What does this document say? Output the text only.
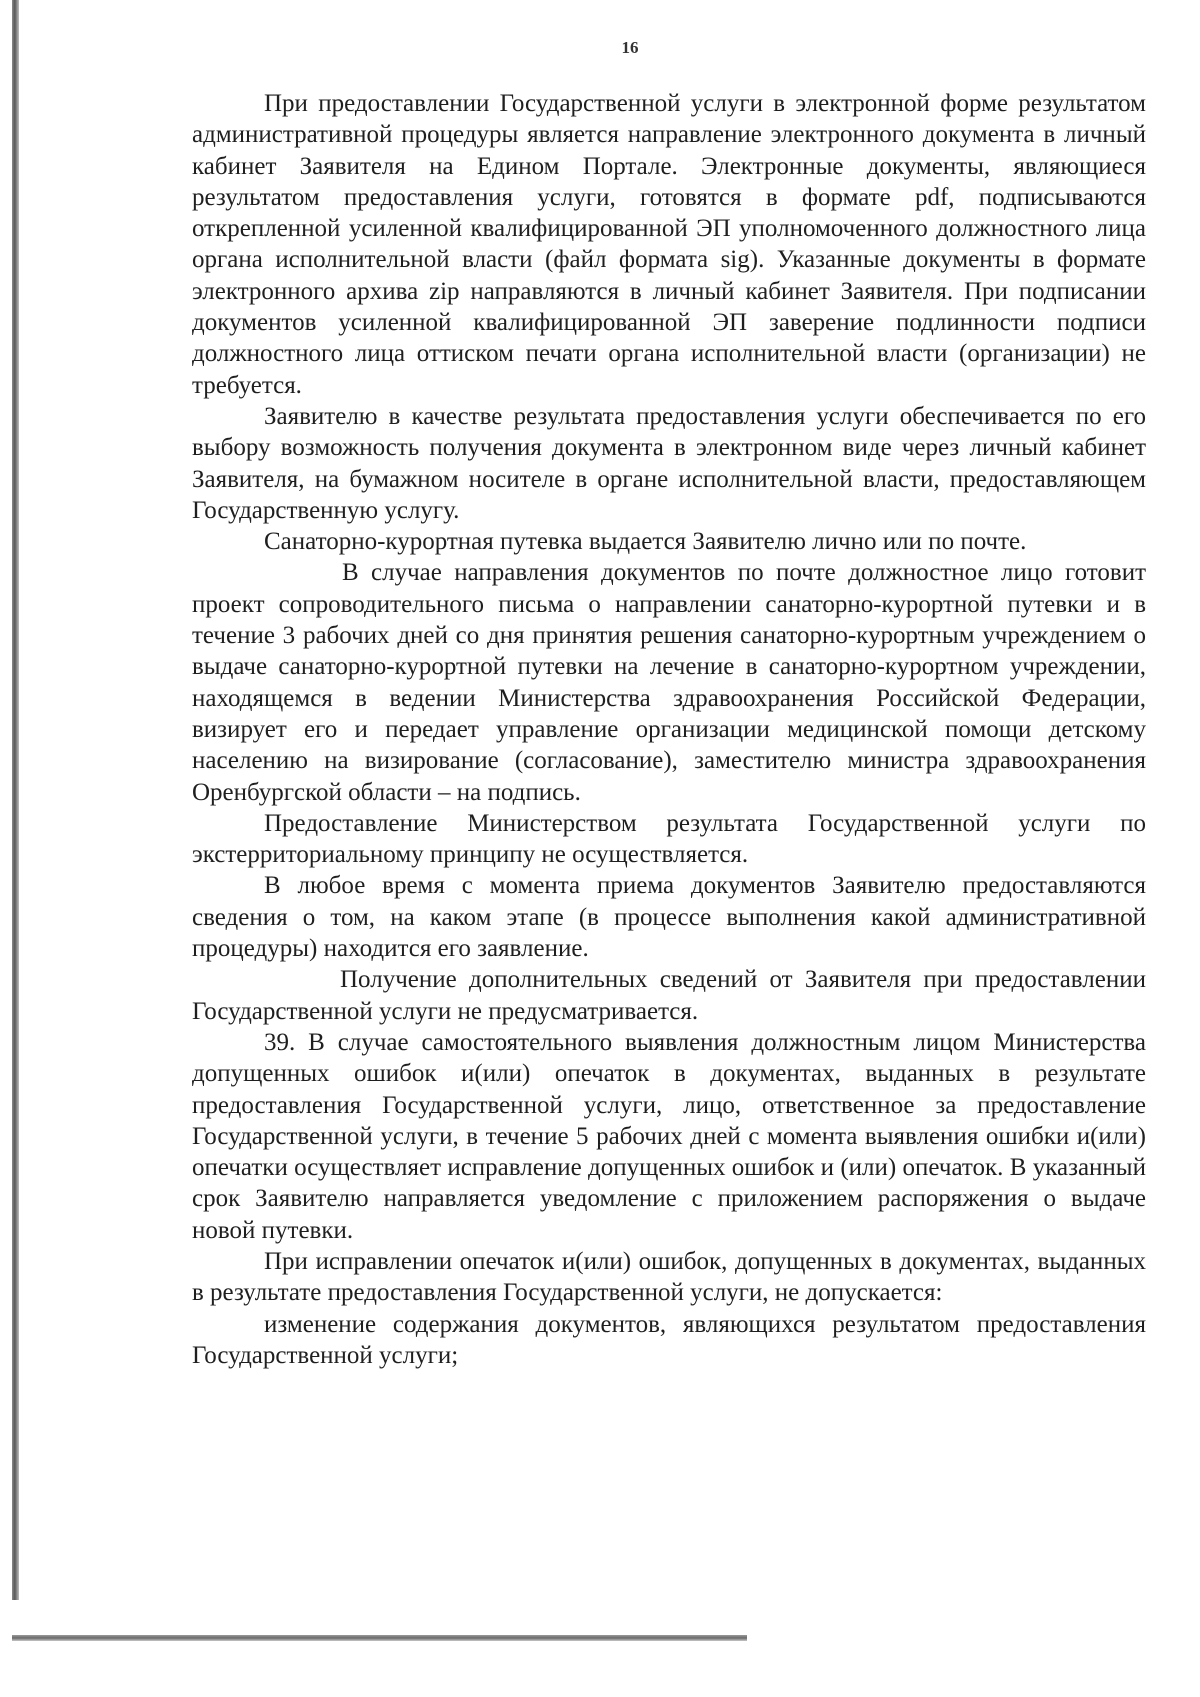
16

При предоставлении Государственной услуги в электронной форме результатом административной процедуры является направление электронного документа в личный кабинет Заявителя на Едином Портале. Электронные документы, являющиеся результатом предоставления услуги, готовятся в формате pdf, подписываются открепленной усиленной квалифицированной ЭП уполномоченного должностного лица органа исполнительной власти (файл формата sig). Указанные документы в формате электронного архива zip направляются в личный кабинет Заявителя. При подписании документов усиленной квалифицированной ЭП заверение подлинности подписи должностного лица оттиском печати органа исполнительной власти (организации) не требуется.

Заявителю в качестве результата предоставления услуги обеспечивается по его выбору возможность получения документа в электронном виде через личный кабинет Заявителя, на бумажном носителе в органе исполнительной власти, предоставляющем Государственную услугу.

Санаторно-курортная путевка выдается Заявителю лично или по почте.

В случае направления документов по почте должностное лицо готовит проект сопроводительного письма о направлении санаторно-курортной путевки и в течение 3 рабочих дней со дня принятия решения санаторно-курортным учреждением о выдаче санаторно-курортной путевки на лечение в санаторно-курортном учреждении, находящемся в ведении Министерства здравоохранения Российской Федерации, визирует его и передает управление организации медицинской помощи детскому населению на визирование (согласование), заместителю министра здравоохранения Оренбургской области – на подпись.

Предоставление Министерством результата Государственной услуги по экстерриториальному принципу не осуществляется.

В любое время с момента приема документов Заявителю предоставляются сведения о том, на каком этапе (в процессе выполнения какой административной процедуры) находится его заявление.

Получение дополнительных сведений от Заявителя при предоставлении Государственной услуги не предусматривается.

39. В случае самостоятельного выявления должностным лицом Министерства допущенных ошибок и(или) опечаток в документах, выданных в результате предоставления Государственной услуги, лицо, ответственное за предоставление Государственной услуги, в течение 5 рабочих дней с момента выявления ошибки и(или) опечатки осуществляет исправление допущенных ошибок и (или) опечаток. В указанный срок Заявителю направляется уведомление с приложением распоряжения о выдаче новой путевки.

При исправлении опечаток и(или) ошибок, допущенных в документах, выданных в результате предоставления Государственной услуги, не допускается:

изменение содержания документов, являющихся результатом предоставления Государственной услуги;
